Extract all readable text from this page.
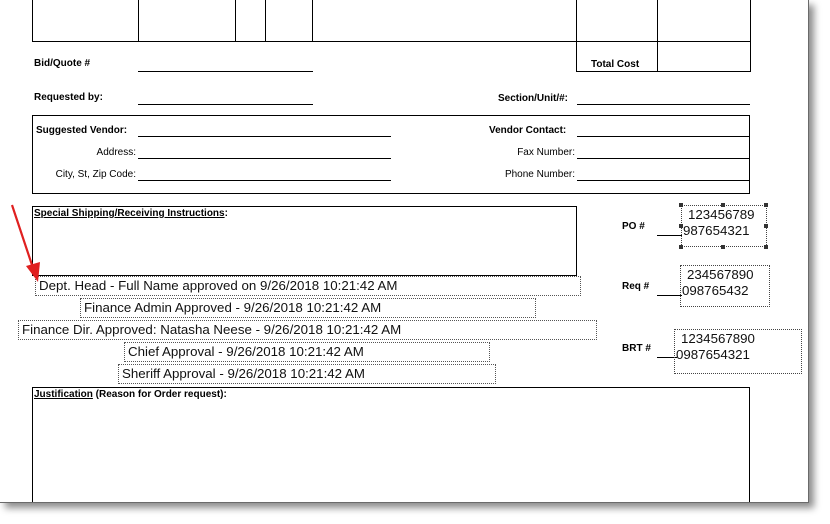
Bid/Quote #	Total Cost
Requested by:	Section/Unit/#:
Suggested Vendor:
Address:
City, St, Zip Code:
Vendor Contact:
Fax Number:
Phone Number:
Special Shipping/Receiving Instructions:
Dept. Head - Full Name approved on 9/26/2018 10:21:42 AM
Finance Admin Approved - 9/26/2018 10:21:42 AM
Finance Dir. Approved: Natasha Neese - 9/26/2018 10:21:42 AM
Chief Approval - 9/26/2018 10:21:42 AM
Sheriff Approval - 9/26/2018 10:21:42 AM
PO #
123456789
987654321
Req #
234567890
098765432
BRT #
1234567890
0987654321
Justification (Reason for Order request):
